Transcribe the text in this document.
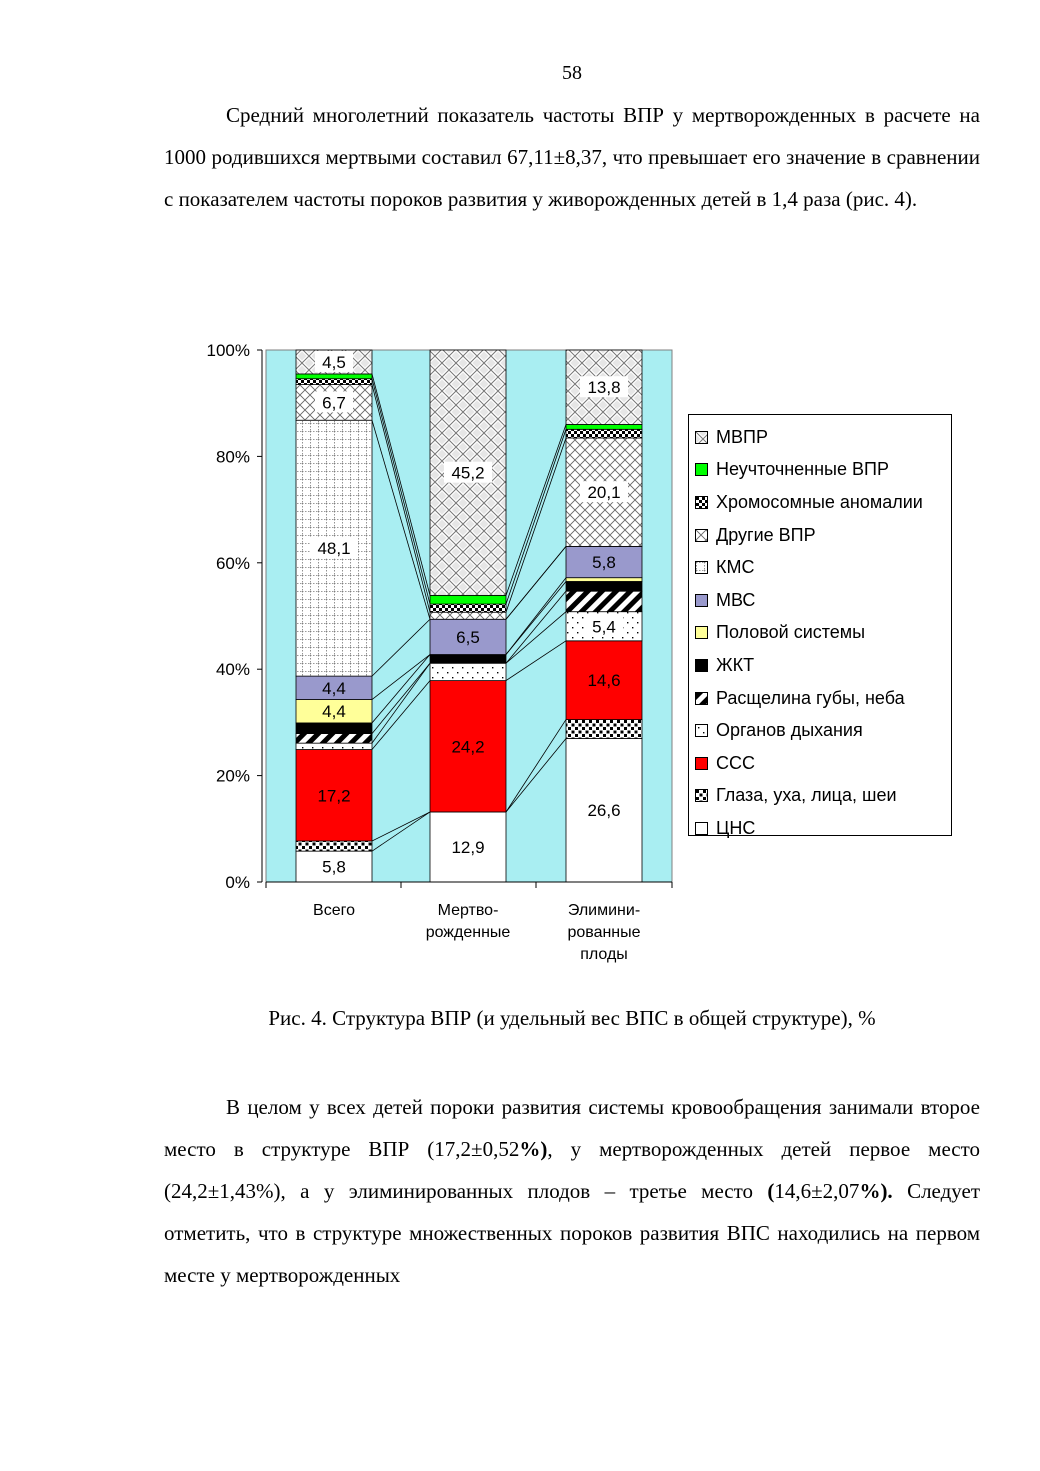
58

Средний многолетний показатель частоты ВПР у мертворожденных в расчете на 1000 родившихся мертвыми составил 67,11±8,37, что превышает его значение в сравнении с показателем частоты пороков развития у живорожденных детей в 1,4 раза (рис. 4).

5,8
12,9
26,6
17,2
24,2
14,6
5,4
4,4
4,4
6,5
5,8
48,1
6,7
20,1
4,5
45,2
13,8
0%
20%
40%
60%
80%
100%
Всего	Мертво-
рожденные
Элимини-
рованные
плоды
МВПР
Неучточненные ВПР
Хромосомные аномалии
Другие ВПР
КМС
МВС
Половой системы
ЖКТ
Расщелина губы, неба
Органов дыхания
ССС
Глаза, уха, лица, шеи
ЦНС
Рис. 4. Структура ВПР (и удельный вес ВПС в общей структуре), %

В целом у всех детей пороки развития системы кровообращения занимали второе место в структуре ВПР (17,2±0,52%), у мертворожденных детей первое место (24,2±1,43%), а у элиминированных плодов – третье место (14,6±2,07%). Следует отметить, что в структуре множественных пороков развития ВПС находились на первом месте у мертворожденных
